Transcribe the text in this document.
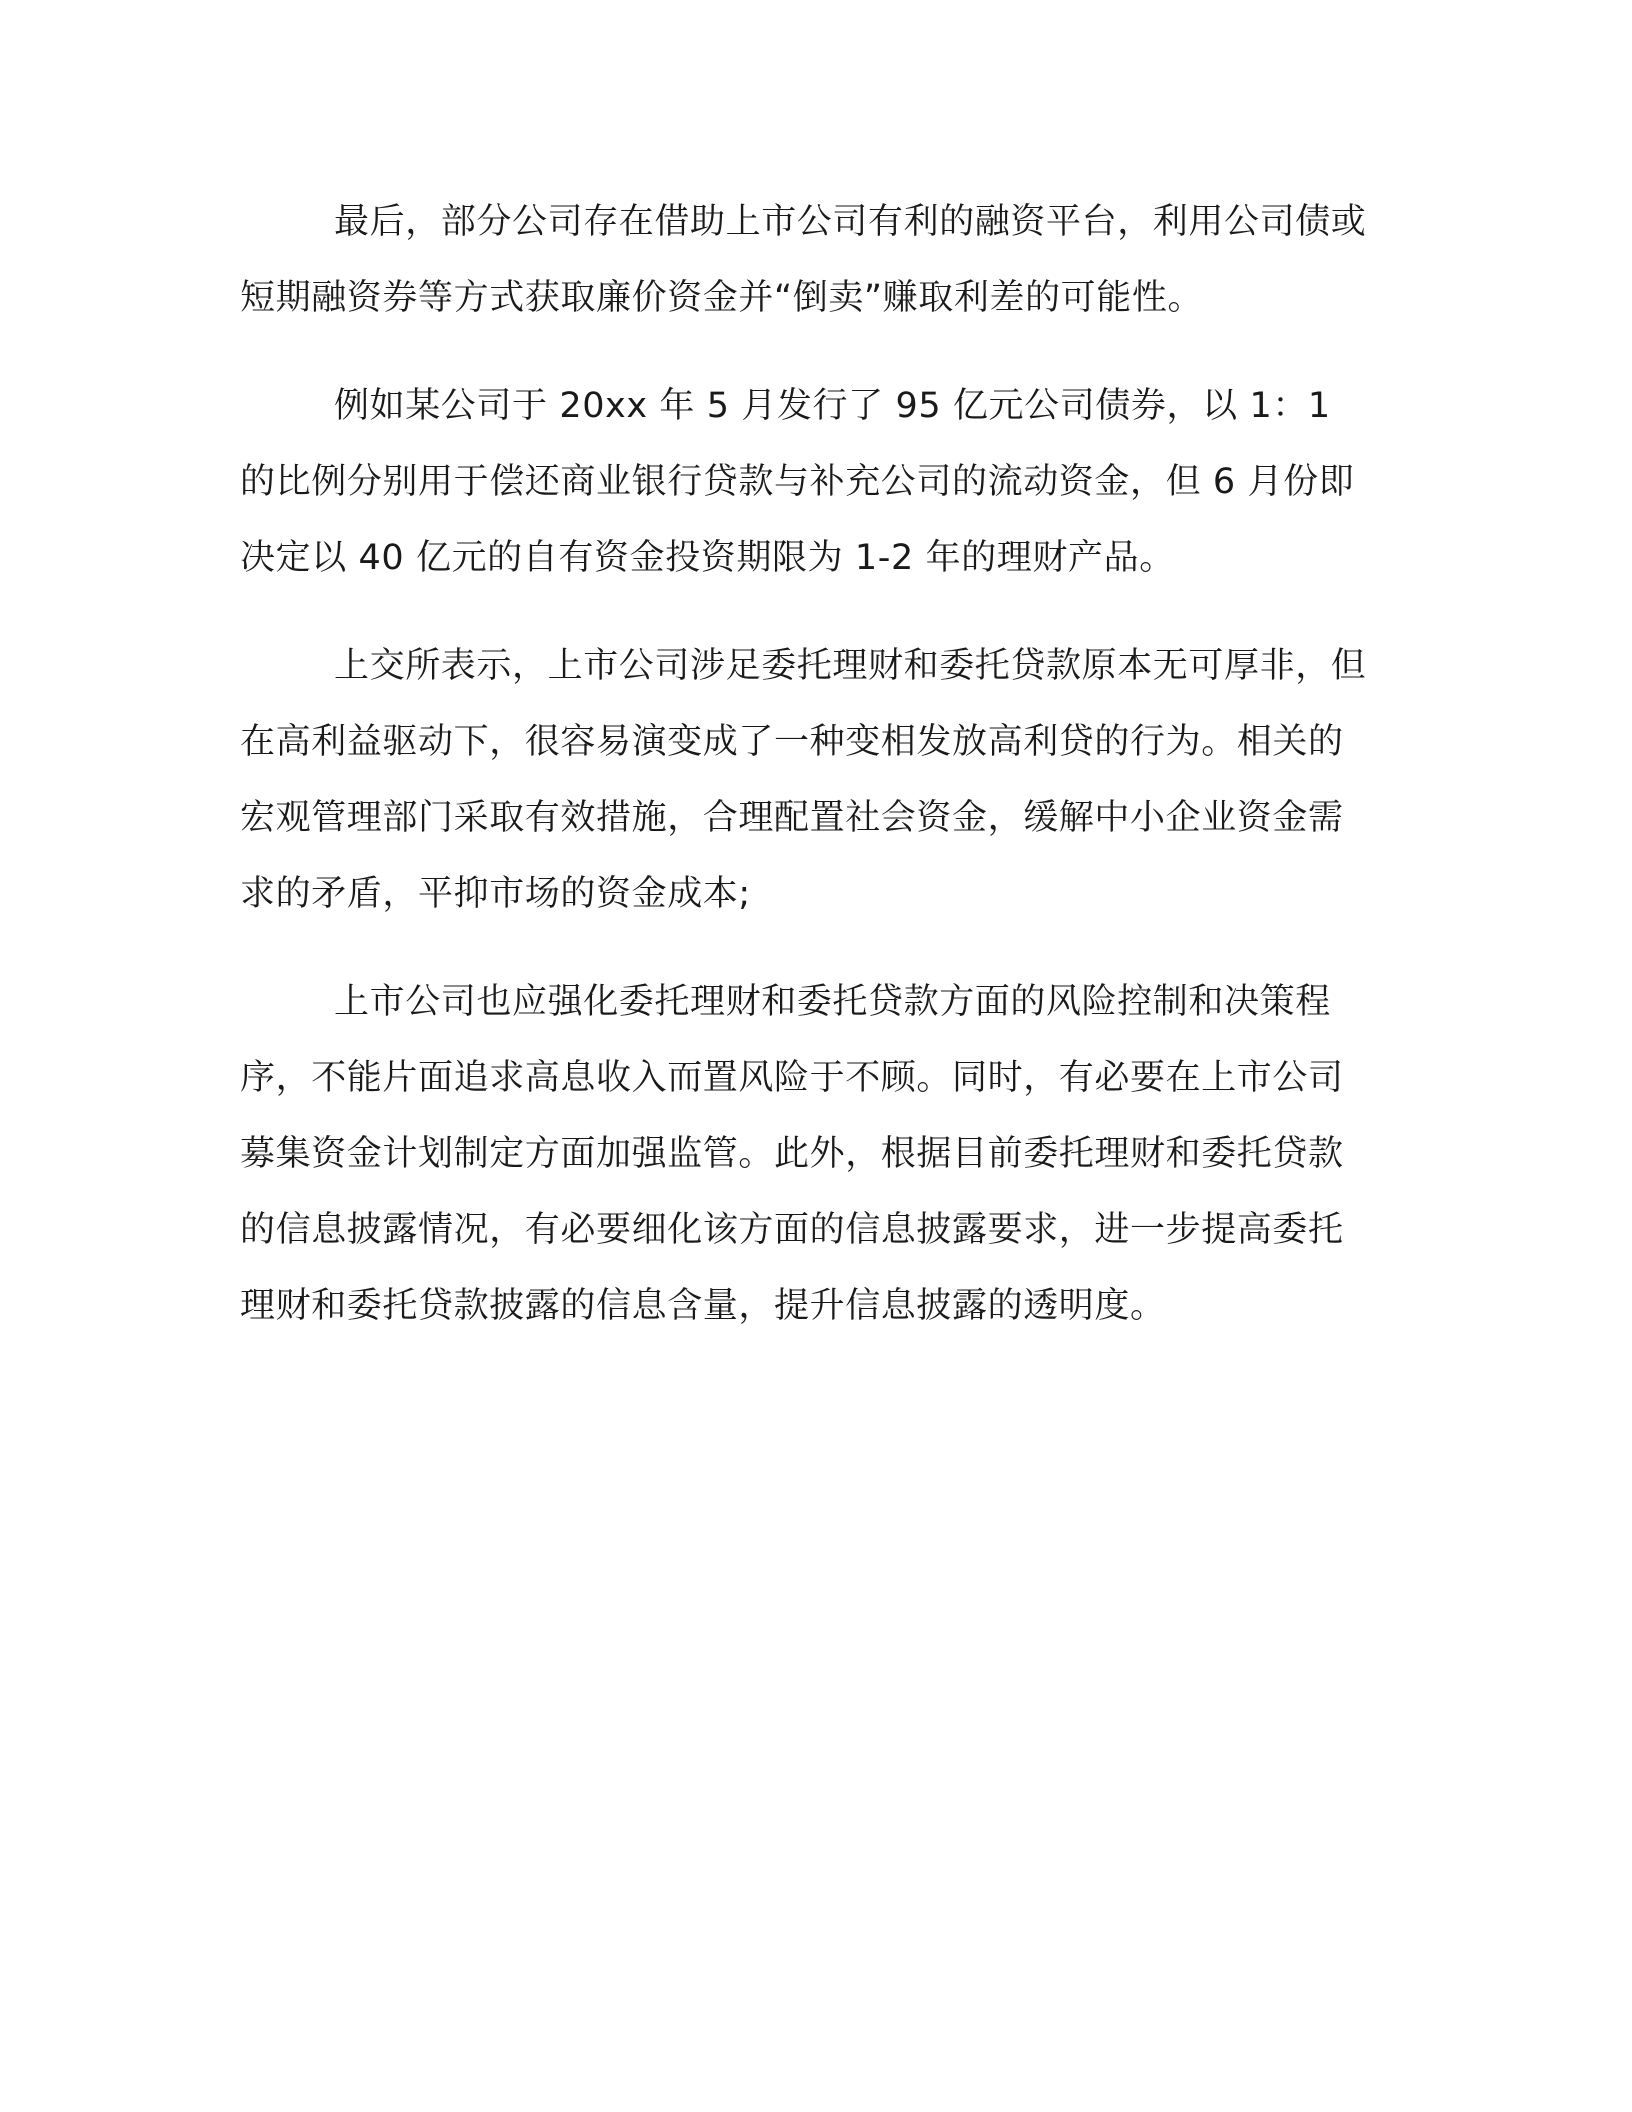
最后，部分公司存在借助上市公司有利的融资平台，利用公司债或短期融资券等方式获取廉价资金并“倒卖”赚取利差的可能性。

例如某公司于 20xx 年 5 月发行了 95 亿元公司债券，以 1：1 的比例分别用于偿还商业银行贷款与补充公司的流动资金，但 6 月份即决定以 40 亿元的自有资金投资期限为 1-2 年的理财产品。

上交所表示，上市公司涉足委托理财和委托贷款原本无可厚非，但在高利益驱动下，很容易演变成了一种变相发放高利贷的行为。相关的宏观管理部门采取有效措施，合理配置社会资金，缓解中小企业资金需求的矛盾，平抑市场的资金成本;

上市公司也应强化委托理财和委托贷款方面的风险控制和决策程序，不能片面追求高息收入而置风险于不顾。同时，有必要在上市公司募集资金计划制定方面加强监管。此外，根据目前委托理财和委托贷款的信息披露情况，有必要细化该方面的信息披露要求，进一步提高委托理财和委托贷款披露的信息含量，提升信息披露的透明度。
